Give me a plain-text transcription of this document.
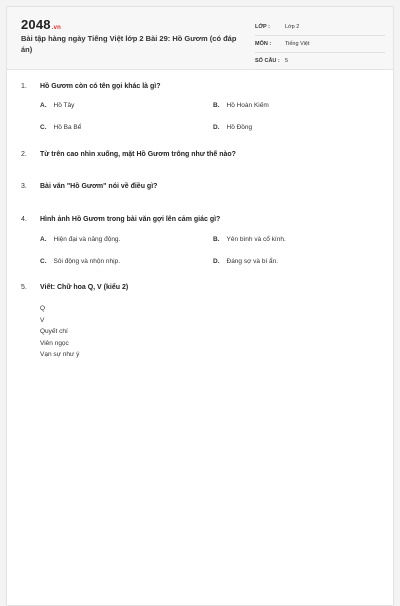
2048.vn
Bài tập hàng ngày Tiếng Việt lớp 2 Bài 29: Hồ Gươm (có đáp án)
LỚP :	Lớp 2
MÔN :	Tiếng Việt
SỐ CÂU : 5
1. Hồ Gươm còn có tên gọi khác là gì?
A. Hồ Tây	B. Hồ Hoàn Kiếm
C. Hồ Ba Bể	D. Hồ Đồng
2. Từ trên cao nhìn xuống, mặt Hồ Gươm trông như thế nào?
3. Bài văn "Hồ Gươm" nói về điều gì?
4. Hình ảnh Hồ Gươm trong bài văn gợi lên cảm giác gì?
A. Hiện đại và năng động.	B. Yên bình và cổ kính.
C. Sôi động và nhộn nhịp.	D. Đáng sợ và bí ẩn.
5. Viết: Chữ hoa Q, V (kiểu 2)
Q
V
Quyết chí
Viên ngọc
Vạn sự như ý
